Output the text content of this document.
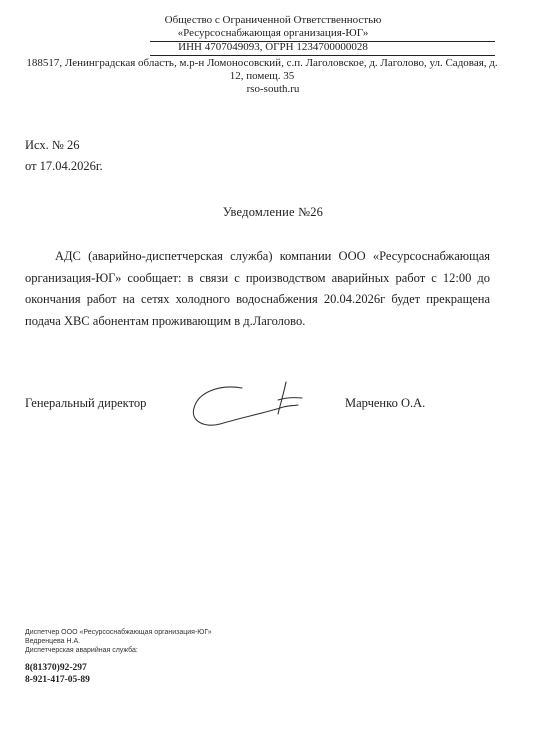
Общество с Ограниченной Ответственностью
«Ресурсоснабжающая организация-ЮГ»
ИНН 4707049093, ОГРН 1234700000028
188517, Ленинградская область, м.р-н Ломоносовский, с.п. Лаголовское, д. Лаголово, ул. Садовая, д. 12, помещ. 35
rso-south.ru
Исх. № 26
от 17.04.2026г.
Уведомление №26

АДС (аварийно-диспетчерская служба) компании ООО «Ресурсоснабжающая организация-ЮГ» сообщает: в связи с производством аварийных работ с 12:00 до окончания работ на сетях холодного водоснабжения 20.04.2026г будет прекращена подача ХВС абонентам проживающим в д.Лаголово.

Генеральный директор	Марченко О.А.
Диспетчер ООО «Ресурсоснабжающая организация-ЮГ»
Ведренцева Н.А.
Диспетчерская аварийная служба:
8(81370)92-297
8-921-417-05-89
